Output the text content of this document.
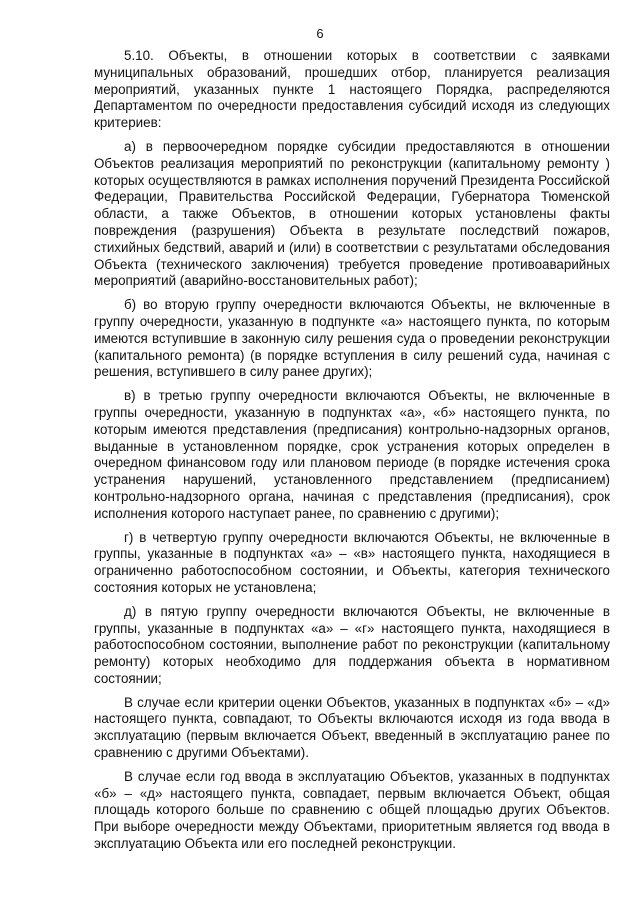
6

5.10. Объекты, в отношении которых в соответствии с заявками муниципальных образований, прошедших отбор, планируется реализация мероприятий, указанных пункте 1 настоящего Порядка, распределяются Департаментом по очередности предоставления субсидий исходя из следующих критериев:

а) в первоочередном порядке субсидии предоставляются в отношении Объектов реализация мероприятий по реконструкции (капитальному ремонту ) которых осуществляются в рамках исполнения поручений Президента Российской Федерации, Правительства Российской Федерации, Губернатора Тюменской области, а также Объектов, в отношении которых установлены факты повреждения (разрушения) Объекта в результате последствий пожаров, стихийных бедствий, аварий и (или) в соответствии с результатами обследования Объекта (технического заключения) требуется проведение противоаварийных мероприятий (аварийно-восстановительных работ);

б) во вторую группу очередности включаются Объекты, не включенные в группу очередности, указанную в подпункте «а» настоящего пункта, по которым имеются вступившие в законную силу решения суда о проведении реконструкции (капитального ремонта) (в порядке вступления в силу решений суда, начиная с решения, вступившего в силу ранее других);

в) в третью группу очередности включаются Объекты, не включенные в группы очередности, указанную в подпунктах «а», «б» настоящего пункта, по которым имеются представления (предписания) контрольно-надзорных органов, выданные в установленном порядке, срок устранения которых определен в очередном финансовом году или плановом периоде (в порядке истечения срока устранения нарушений, установленного представлением (предписанием) контрольно-надзорного органа, начиная с представления (предписания), срок исполнения которого наступает ранее, по сравнению с другими);

г) в четвертую группу очередности включаются Объекты, не включенные в группы, указанные в подпунктах «а» – «в» настоящего пункта, находящиеся в ограниченно работоспособном состоянии, и Объекты, категория технического состояния которых не установлена;

д) в пятую группу очередности включаются Объекты, не включенные в группы, указанные в подпунктах «а» – «г» настоящего пункта, находящиеся в работоспособном состоянии, выполнение работ по реконструкции (капитальному ремонту) которых необходимо для поддержания объекта в нормативном состоянии;

В случае если критерии оценки Объектов, указанных в подпунктах «б» – «д» настоящего пункта, совпадают, то Объекты включаются исходя из года ввода в эксплуатацию (первым включается Объект, введенный в эксплуатацию ранее по сравнению с другими Объектами).

В случае если год ввода в эксплуатацию Объектов, указанных в подпунктах «б» – «д» настоящего пункта, совпадает, первым включается Объект, общая площадь которого больше по сравнению с общей площадью других Объектов. При выборе очередности между Объектами, приоритетным является год ввода в эксплуатацию Объекта или его последней реконструкции.
